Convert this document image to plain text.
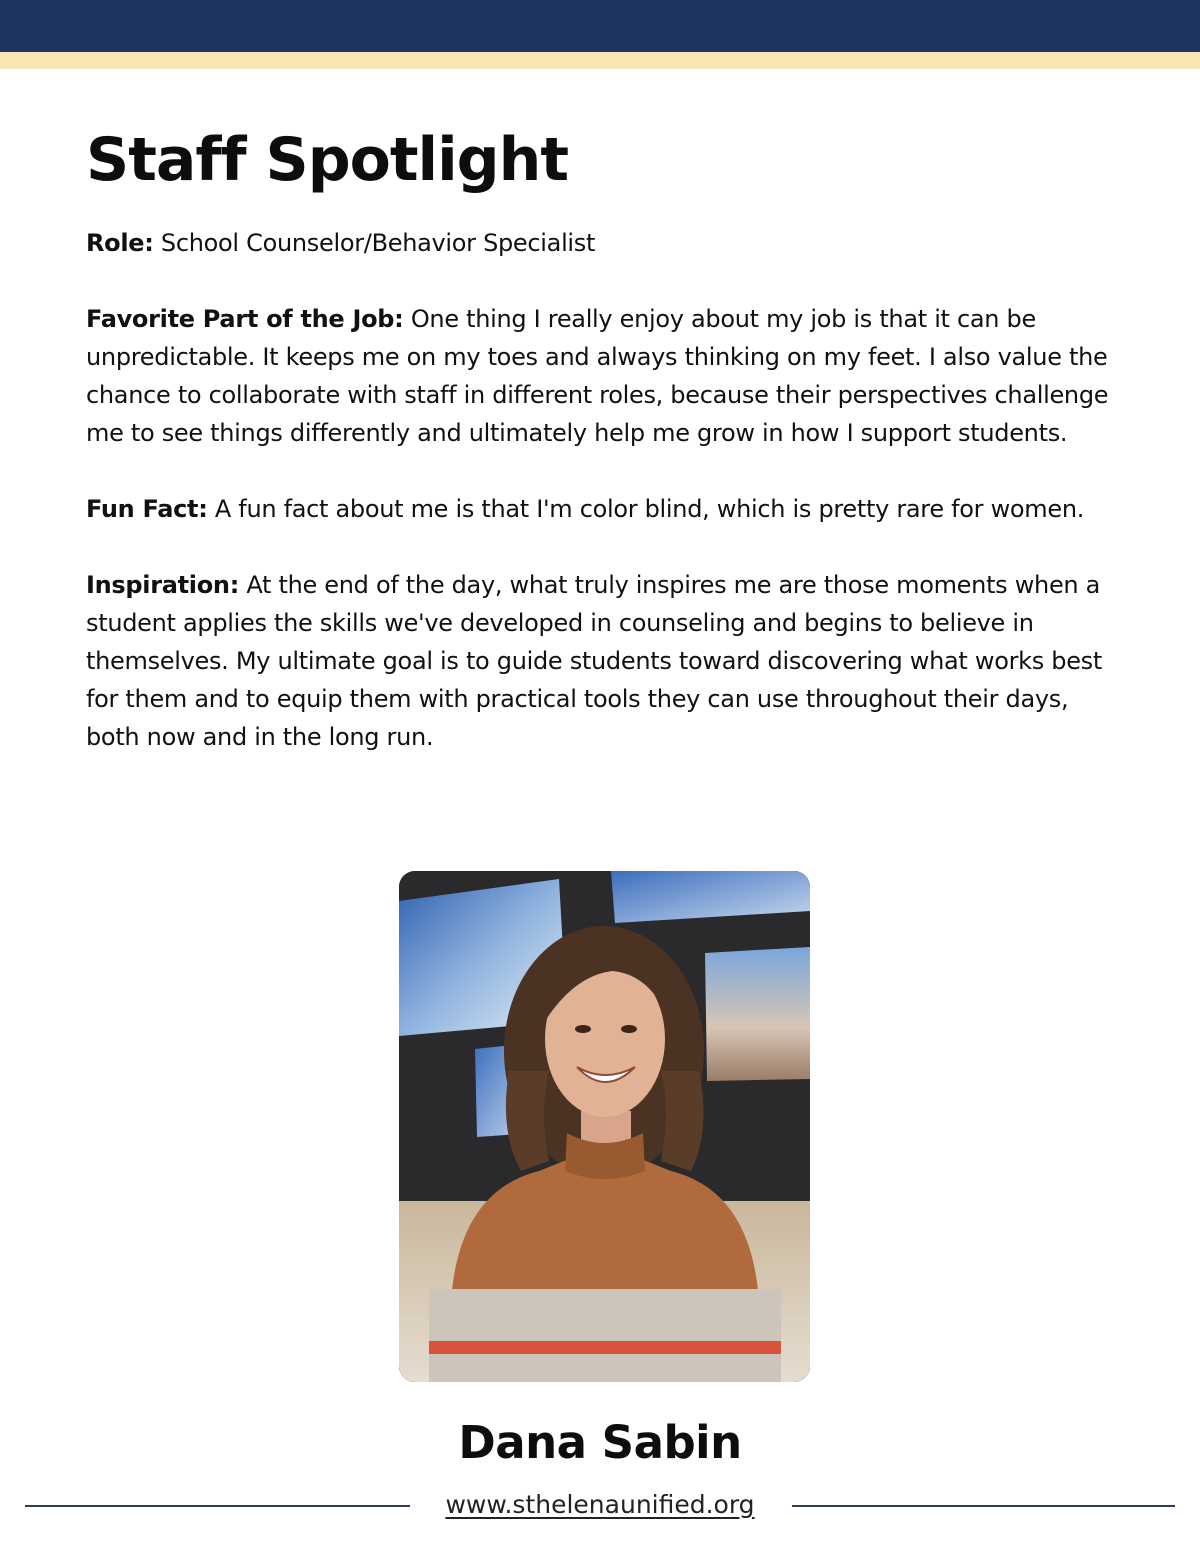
Staff Spotlight

Role: School Counselor/Behavior Specialist

Favorite Part of the Job: One thing I really enjoy about my job is that it can be unpredictable. It keeps me on my toes and always thinking on my feet. I also value the chance to collaborate with staff in different roles, because their perspectives challenge me to see things differently and ultimately help me grow in how I support students.

Fun Fact: A fun fact about me is that I'm color blind, which is pretty rare for women.

Inspiration: At the end of the day, what truly inspires me are those moments when a student applies the skills we've developed in counseling and begins to believe in themselves. My ultimate goal is to guide students toward discovering what works best for them and to equip them with practical tools they can use throughout their days, both now and in the long run.

Dana Sabin
www.sthelenaunified.org
